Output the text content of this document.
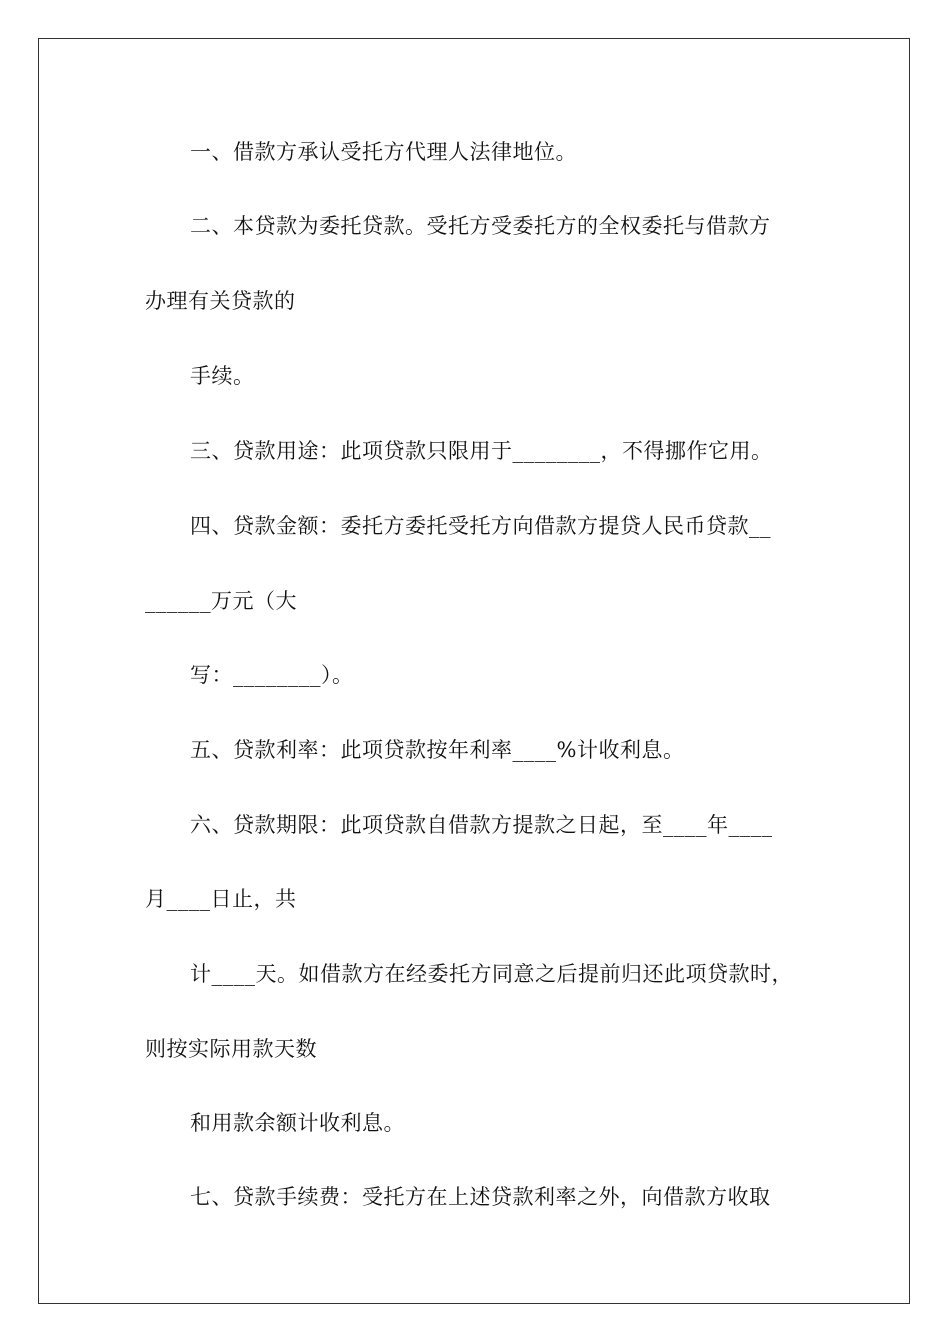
一、借款方承认受托方代理人法律地位。
二、本贷款为委托贷款。受托方受委托方的全权委托与借款方
办理有关贷款的
手续。
三、贷款用途：此项贷款只限用于________，不得挪作它用。
四、贷款金额：委托方委托受托方向借款方提贷人民币贷款__
______万元（大
写：________）。
五、贷款利率：此项贷款按年利率____%计收利息。
六、贷款期限：此项贷款自借款方提款之日起，至____年____
月____日止，共
计____天。如借款方在经委托方同意之后提前归还此项贷款时，
则按实际用款天数
和用款余额计收利息。
七、贷款手续费：受托方在上述贷款利率之外，向借款方收取
